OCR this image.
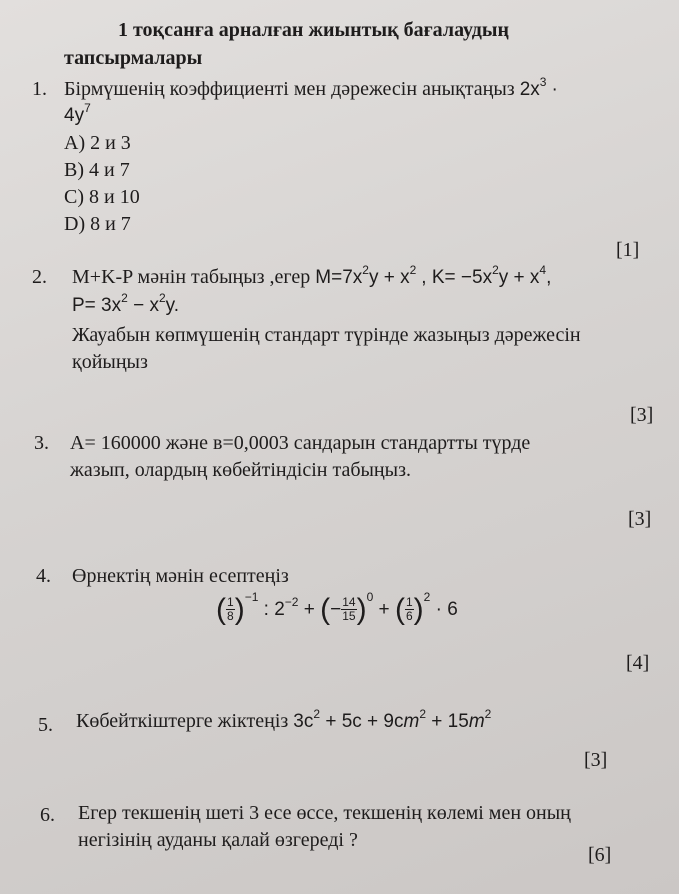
1 тоқсанға арналған жиынтық бағалаудың
тапсырмалары
1. Бірмүшенің коэффициенті мен дәрежесін анықтаңыз $2x^3$ ·
$4y^7$
A) 2 и 3
B) 4 и 7
C) 8 и 10
D) 8 и 7
[1]
2. M+K-P мәнін табыңыз ,егер $M=7x^2y + x^2$ , $K= -5x^2y + x^4$,
$P= 3x^2 - x^2y$.
Жауабын көпмүшенің стандарт түрінде жазыңыз дәрежесін
қойыңыз
[3]
3. A= 160000 және в=0,0003 сандарын стандартты түрде
жазып, олардың көбейтіндісін табыңыз.
[3]
4. Өрнектің мәнін есептеңіз
( $\frac{1}{8} )^{-1}$ : $2^{-2}$ + (− $\frac{14}{15} )^0$ + ( $\frac{1}{6} )^2 \cdot 6$
[4]
5. Көбейткіштерге жіктеңіз $3c^2 + 5c + 9cm^2 + 15m^2$
[3]
6. Егер текшенің шеті 3 есе өссе, текшенің көлемі мен оның
негізінің ауданы қалай өзгереді ?
[6]
